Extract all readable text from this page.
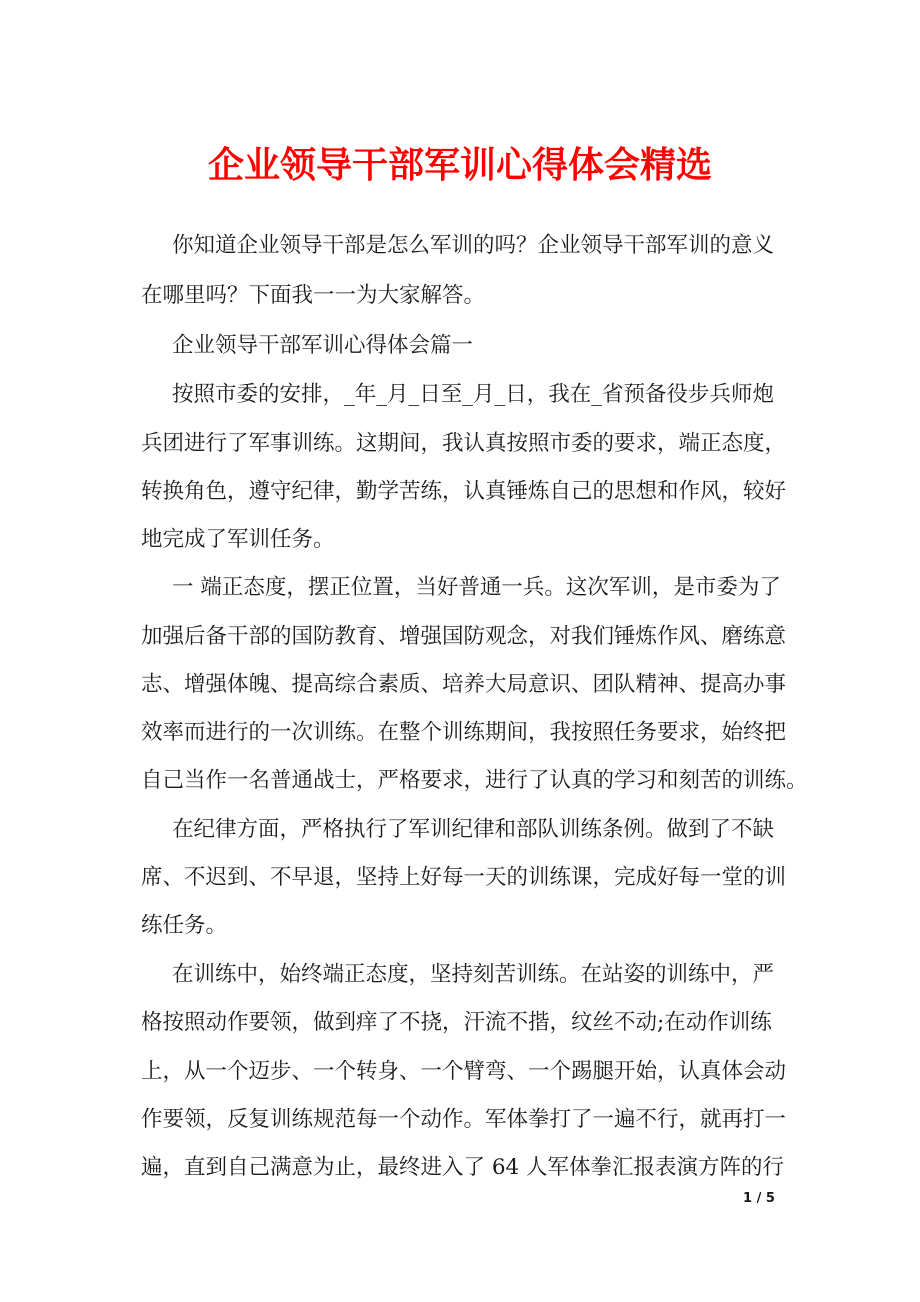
企业领导干部军训心得体会精选
你知道企业领导干部是怎么军训的吗？企业领导干部军训的意义
在哪里吗？下面我一一为大家解答。
企业领导干部军训心得体会篇一
按照市委的安排，_年_月_日至_月_日，我在_省预备役步兵师炮
兵团进行了军事训练。这期间，我认真按照市委的要求，端正态度，
转换角色，遵守纪律，勤学苦练，认真锤炼自己的思想和作风，较好
地完成了军训任务。
一 端正态度，摆正位置，当好普通一兵。这次军训，是市委为了
加强后备干部的国防教育、增强国防观念，对我们锤炼作风、磨练意
志、增强体魄、提高综合素质、培养大局意识、团队精神、提高办事
效率而进行的一次训练。在整个训练期间，我按照任务要求，始终把
自己当作一名普通战士，严格要求，进行了认真的学习和刻苦的训练。
在纪律方面，严格执行了军训纪律和部队训练条例。做到了不缺
席、不迟到、不早退，坚持上好每一天的训练课，完成好每一堂的训
练任务。
在训练中，始终端正态度，坚持刻苦训练。在站姿的训练中，严
格按照动作要领，做到痒了不挠，汗流不揩，纹丝不动;在动作训练
上，从一个迈步、一个转身、一个臂弯、一个踢腿开始，认真体会动
作要领，反复训练规范每一个动作。军体拳打了一遍不行，就再打一
遍，直到自己满意为止，最终进入了 64 人军体拳汇报表演方阵的行
1 / 5
